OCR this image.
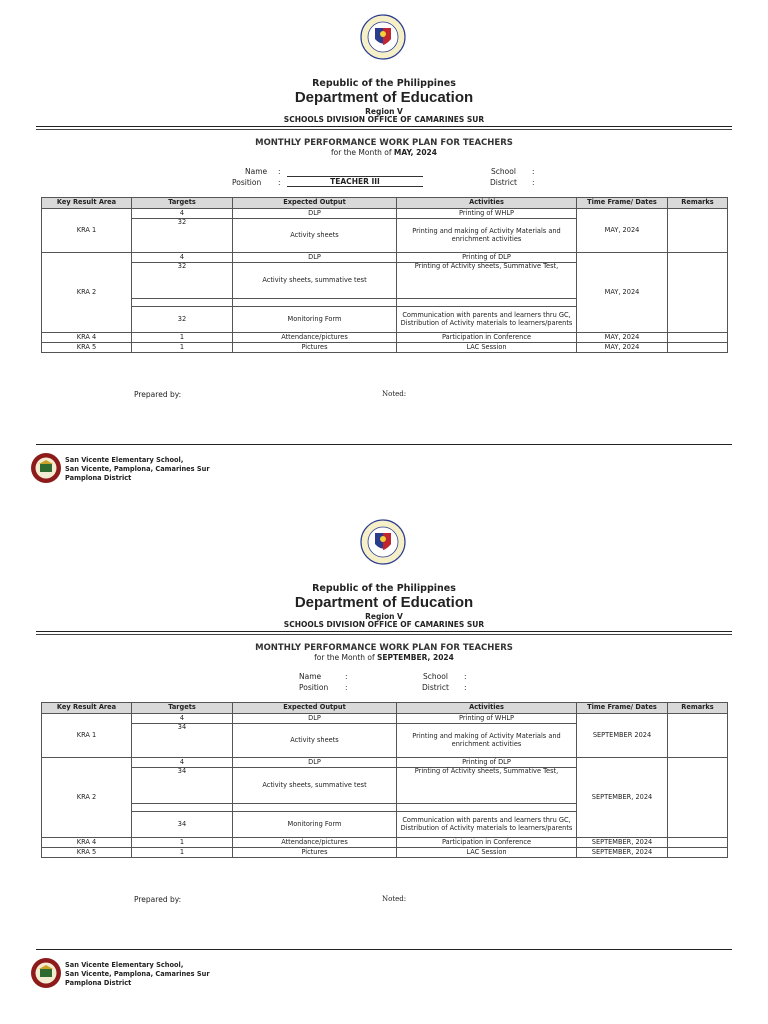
Republic of the Philippines
Department of Education
Region V
SCHOOLS DIVISION OFFICE OF CAMARINES SUR
MONTHLY PERFORMANCE WORK PLAN FOR TEACHERS
for the Month of MAY, 2024
Name :
Position :	TEACHER III
School :
District :
Key Result Area	Targets	Expected Output	Activities	Time Frame/ Dates	Remarks
KRA 1	4	DLP	Printing of WHLP	MAY, 2024	
	32	Activity sheets	Printing and making of Activity Materials and enrichment activities		
KRA 2	4	DLP	Printing of DLP	MAY, 2024	
	32	Activity sheets, summative test	Printing of Activity sheets, Summative Test,		

	32	Monitoring Form	Communication with parents and learners thru GC, Distribution of Activity materials to learners/parents		
KRA 4	1	Attendance/pictures	Participation in Conference	MAY, 2024	
KRA 5	1	Pictures	LAC Session	MAY, 2024	
Prepared by:	Noted:
San Vicente Elementary School,
San Vicente, Pamplona, Camarines Sur
Pamplona District
Republic of the Philippines
Department of Education
Region V
SCHOOLS DIVISION OFFICE OF CAMARINES SUR
MONTHLY PERFORMANCE WORK PLAN FOR TEACHERS
for the Month of SEPTEMBER, 2024
Name	:
Position :
School :
District :
Key Result Area	Targets	Expected Output	Activities	Time Frame/ Dates	Remarks
KRA 1	4	DLP	Printing of WHLP	SEPTEMBER 2024	
	34	Activity sheets	Printing and making of Activity Materials and enrichment activities		
KRA 2	4	DLP	Printing of DLP	SEPTEMBER, 2024	
	34	Activity sheets, summative test	Printing of Activity sheets, Summative Test,		

	34	Monitoring Form	Communication with parents and learners thru GC, Distribution of Activity materials to learners/parents		
KRA 4	1	Attendance/pictures	Participation in Conference	SEPTEMBER, 2024	
KRA 5	1	Pictures	LAC Session	SEPTEMBER, 2024	
Prepared by:	Noted:
San Vicente Elementary School,
San Vicente, Pamplona, Camarines Sur
Pamplona District
